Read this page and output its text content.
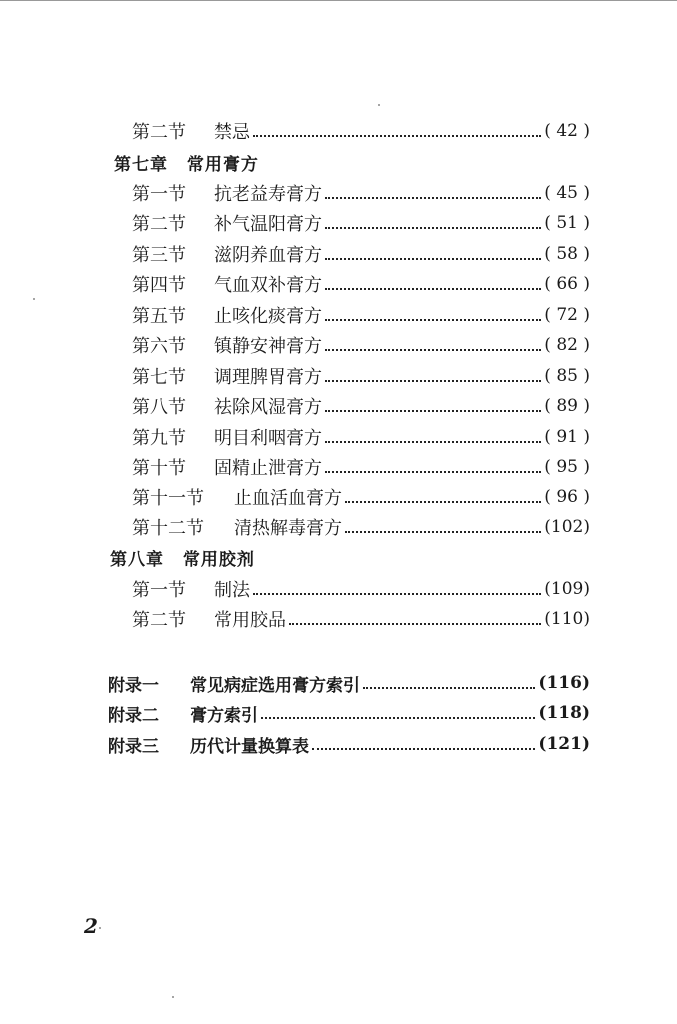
第二节	禁忌	( 42 )
第七章 常用膏方
第一节	抗老益寿膏方	( 45 )
第二节	补气温阳膏方	( 51 )
第三节	滋阴养血膏方	( 58 )
第四节	气血双补膏方	( 66 )
第五节	止咳化痰膏方	( 72 )
第六节	镇静安神膏方	( 82 )
第七节	调理脾胃膏方	( 85 )
第八节	祛除风湿膏方	( 89 )
第九节	明目利咽膏方	( 91 )
第十节	固精止泄膏方	( 95 )
第十一节	止血活血膏方	( 96 )
第十二节	清热解毒膏方	(102)
第八章 常用胶剂
第一节	制法	(109)
第二节	常用胶品	(110)
附录一	常见病症选用膏方索引	(116)
附录二	膏方索引	(118)
附录三	历代计量换算表	(121)
2
